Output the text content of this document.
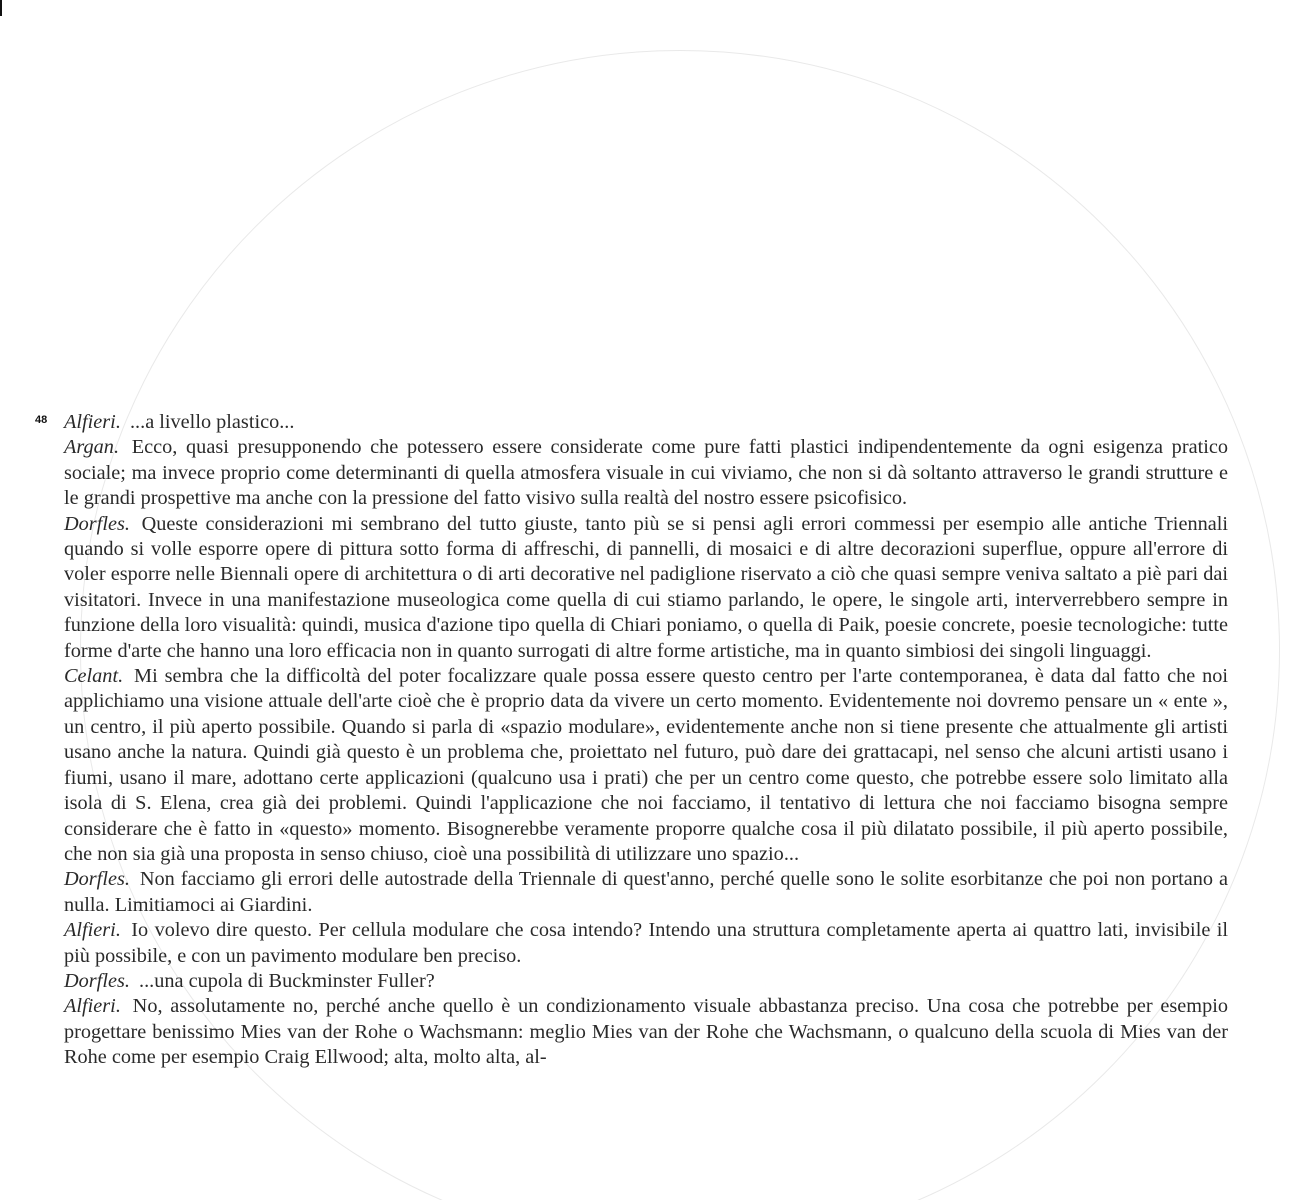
48 Alfieri. ...a livello plastico...

Argan. Ecco, quasi presupponendo che potessero essere considerate come pure fatti plastici indipendentemente da ogni esigenza pratico sociale; ma invece proprio come determinanti di quella atmosfera visuale in cui viviamo, che non si dà soltanto attraverso le grandi strutture e le grandi prospettive ma anche con la pressione del fatto visivo sulla realtà del nostro essere psicofisico.

Dorfles. Queste considerazioni mi sembrano del tutto giuste, tanto più se si pensi agli errori commessi per esempio alle antiche Triennali quando si volle esporre opere di pittura sotto forma di affreschi, di pannelli, di mosaici e di altre decorazioni superflue, oppure all'errore di voler esporre nelle Biennali opere di architettura o di arti decorative nel padiglione riservato a ciò che quasi sempre veniva saltato a piè pari dai visitatori. Invece in una manifestazione museologica come quella di cui stiamo parlando, le opere, le singole arti, interverrebbero sempre in funzione della loro visualità: quindi, musica d'azione tipo quella di Chiari poniamo, o quella di Paik, poesie concrete, poesie tecnologiche: tutte forme d'arte che hanno una loro efficacia non in quanto surrogati di altre forme artistiche, ma in quanto simbiosi dei singoli linguaggi.

Celant. Mi sembra che la difficoltà del poter focalizzare quale possa essere questo centro per l'arte contemporanea, è data dal fatto che noi applichiamo una visione attuale dell'arte cioè che è proprio data da vivere un certo momento. Evidentemente noi dovremo pensare un « ente », un centro, il più aperto possibile. Quando si parla di «spazio modulare», evidentemente anche non si tiene presente che attualmente gli artisti usano anche la natura. Quindi già questo è un problema che, proiettato nel futuro, può dare dei grattacapi, nel senso che alcuni artisti usano i fiumi, usano il mare, adottano certe applicazioni (qualcuno usa i prati) che per un centro come questo, che potrebbe essere solo limitato alla isola di S. Elena, crea già dei problemi. Quindi l'applicazione che noi facciamo, il tentativo di lettura che noi facciamo bisogna sempre considerare che è fatto in «questo» momento. Bisognerebbe veramente proporre qualche cosa il più dilatato possibile, il più aperto possibile, che non sia già una proposta in senso chiuso, cioè una possibilità di utilizzare uno spazio...

Dorfles. Non facciamo gli errori delle autostrade della Triennale di quest'anno, perché quelle sono le solite esorbitanze che poi non portano a nulla. Limitiamoci ai Giardini.

Alfieri. Io volevo dire questo. Per cellula modulare che cosa intendo? Intendo una struttura completamente aperta ai quattro lati, invisibile il più possibile, e con un pavimento modulare ben preciso.

Dorfles. ...una cupola di Buckminster Fuller?

Alfieri. No, assolutamente no, perché anche quello è un condizionamento visuale abbastanza preciso. Una cosa che potrebbe per esempio progettare benissimo Mies van der Rohe o Wachsmann: meglio Mies van der Rohe che Wachsmann, o qualcuno della scuola di Mies van der Rohe come per esempio Craig Ellwood; alta, molto alta, al-
